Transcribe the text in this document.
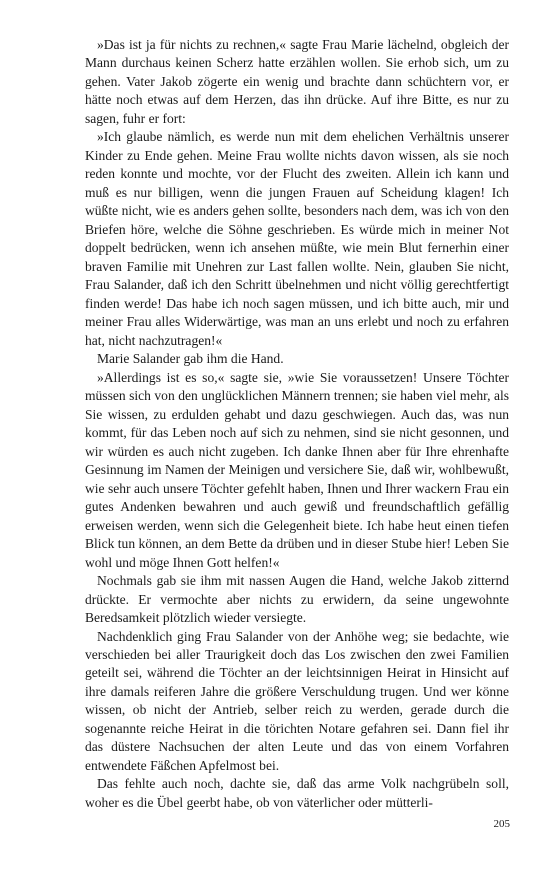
»Das ist ja für nichts zu rechnen,« sagte Frau Marie lächelnd, obgleich der Mann durchaus keinen Scherz hatte erzählen wollen. Sie erhob sich, um zu gehen. Vater Jakob zögerte ein wenig und brachte dann schüchtern vor, er hätte noch etwas auf dem Herzen, das ihn drücke. Auf ihre Bitte, es nur zu sagen, fuhr er fort:

»Ich glaube nämlich, es werde nun mit dem ehelichen Verhältnis unserer Kinder zu Ende gehen. Meine Frau wollte nichts davon wissen, als sie noch reden konnte und mochte, vor der Flucht des zweiten. Allein ich kann und muß es nur billigen, wenn die jungen Frauen auf Scheidung klagen! Ich wüßte nicht, wie es anders gehen sollte, besonders nach dem, was ich von den Briefen höre, welche die Söhne geschrieben. Es würde mich in meiner Not doppelt bedrücken, wenn ich ansehen müßte, wie mein Blut fernerhin einer braven Familie mit Unehren zur Last fallen wollte. Nein, glauben Sie nicht, Frau Salander, daß ich den Schritt übelnehmen und nicht völlig gerechtfertigt finden werde! Das habe ich noch sagen müssen, und ich bitte auch, mir und meiner Frau alles Widerwärtige, was man an uns erlebt und noch zu erfahren hat, nicht nachzutragen!«

Marie Salander gab ihm die Hand.

»Allerdings ist es so,« sagte sie, »wie Sie voraussetzen! Unsere Töchter müssen sich von den unglücklichen Männern trennen; sie haben viel mehr, als Sie wissen, zu erdulden gehabt und dazu geschwiegen. Auch das, was nun kommt, für das Leben noch auf sich zu nehmen, sind sie nicht gesonnen, und wir würden es auch nicht zugeben. Ich danke Ihnen aber für Ihre ehrenhafte Gesinnung im Namen der Meinigen und versichere Sie, daß wir, wohlbewußt, wie sehr auch unsere Töchter gefehlt haben, Ihnen und Ihrer wackern Frau ein gutes Andenken bewahren und auch gewiß und freundschaftlich gefällig erweisen werden, wenn sich die Gelegenheit biete. Ich habe heut einen tiefen Blick tun können, an dem Bette da drüben und in dieser Stube hier! Leben Sie wohl und möge Ihnen Gott helfen!«

Nochmals gab sie ihm mit nassen Augen die Hand, welche Jakob zitternd drückte. Er vermochte aber nichts zu erwidern, da seine ungewohnte Beredsamkeit plötzlich wieder versiegte.

Nachdenklich ging Frau Salander von der Anhöhe weg; sie bedachte, wie verschieden bei aller Traurigkeit doch das Los zwischen den zwei Familien geteilt sei, während die Töchter an der leichtsinnigen Heirat in Hinsicht auf ihre damals reiferen Jahre die größere Verschuldung trugen. Und wer könne wissen, ob nicht der Antrieb, selber reich zu werden, gerade durch die sogenannte reiche Heirat in die törichten Notare gefahren sei. Dann fiel ihr das düstere Nachsuchen der alten Leute und das von einem Vorfahren entwendete Fäßchen Apfelmost bei.

Das fehlte auch noch, dachte sie, daß das arme Volk nachgrübeln soll, woher es die Übel geerbt habe, ob von väterlicher oder mütterli-

205
